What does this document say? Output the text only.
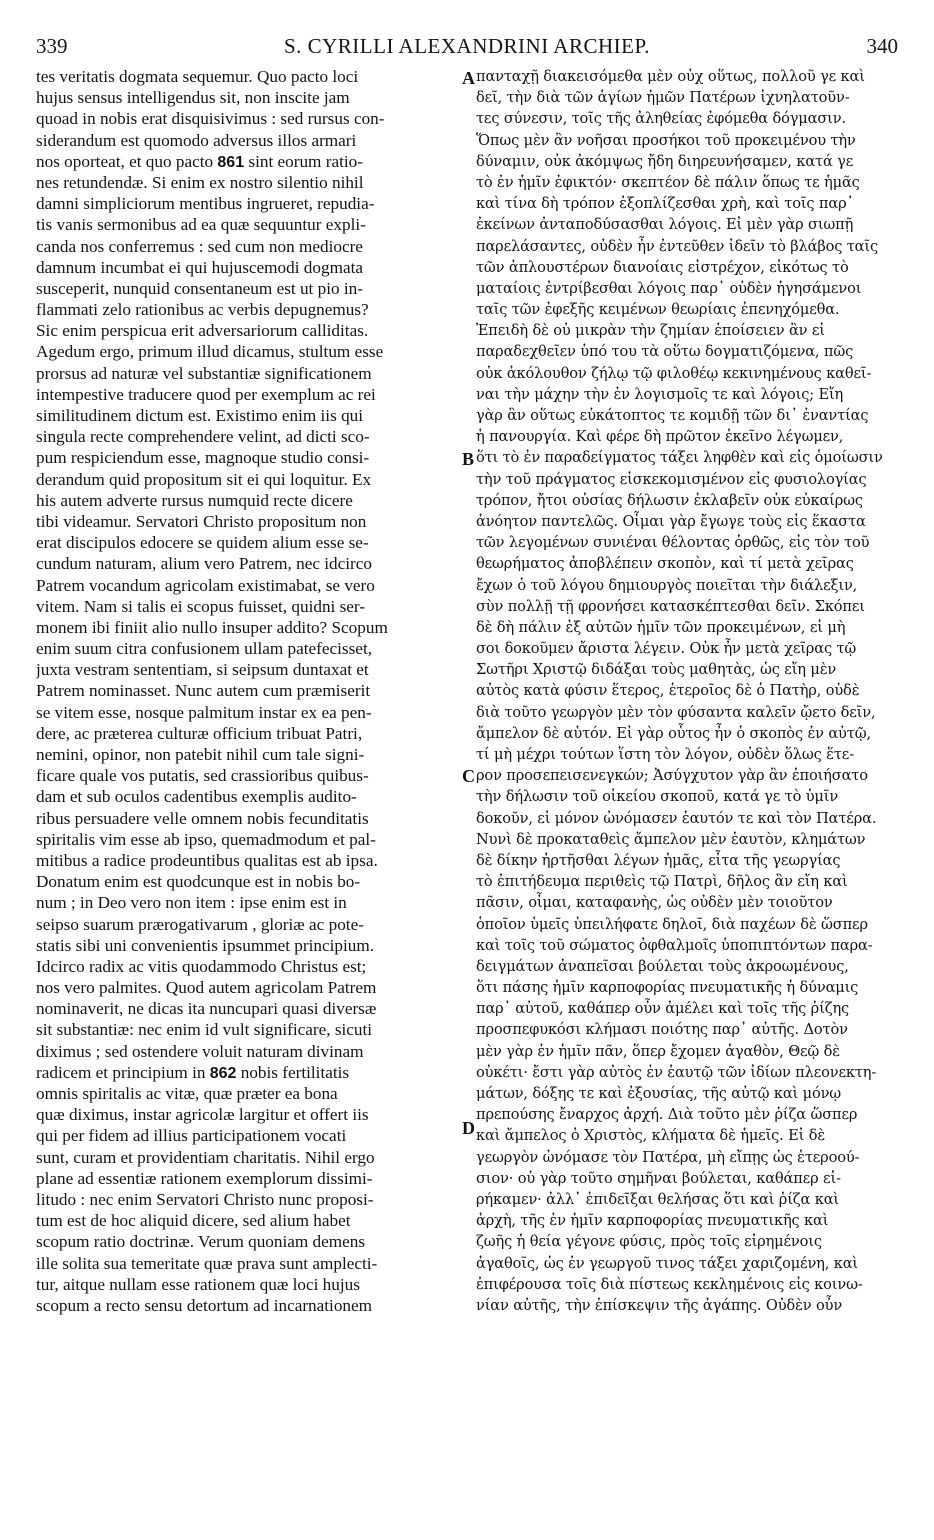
339	S. CYRILLI ALEXANDRINI ARCHIEP.	340
tes veritatis dogmata sequemur. Quo pacto loci
hujus sensus intelligendus sit, non inscite jam
quoad in nobis erat disquisivimus : sed rursus con-
siderandum est quomodo adversus illos armari
nos oporteat, et quo pacto 861 sint eorum ratio-
nes retundendæ. Si enim ex nostro silentio nihil
damni simpliciorum mentibus ingrueret, repudia-
tis vanis sermonibus ad ea quæ sequuntur expli-
canda nos conferremus : sed cum non mediocre
damnum incumbat ei qui hujuscemodi dogmata
susceperit, nunquid consentaneum est ut pio in-
flammati zelo rationibus ac verbis depugnemus?
Sic enim perspicua erit adversariorum calliditas.
Agedum ergo, primum illud dicamus, stultum esse
prorsus ad naturæ vel substantiæ significationem
intempestive traducere quod per exemplum ac rei
similitudinem dictum est. Existimo enim iis qui
singula recte comprehendere velint, ad dicti sco-
pum respiciendum esse, magnoque studio consi-
derandum quid propositum sit ei qui loquitur. Ex
his autem adverte rursus numquid recte dicere
tibi videamur. Servatori Christo propositum non
erat discipulos edocere se quidem alium esse se-
cundum naturam, alium vero Patrem, nec idcirco
Patrem vocandum agricolam existimabat, se vero
vitem. Nam si talis ei scopus fuisset, quidni ser-
monem ibi finiit alio nullo insuper addito? Scopum
enim suum citra confusionem ullam patefecisset,
juxta vestram sententiam, si seipsum duntaxat et
Patrem nominasset. Nunc autem cum præmiserit
se vitem esse, nosque palmitum instar ex ea pen-
dere, ac præterea culturæ officium tribuat Patri,
nemini, opinor, non patebit nihil cum tale signi-
ficare quale vos putatis, sed crassioribus quibus-
dam et sub oculos cadentibus exemplis audito-
ribus persuadere velle omnem nobis fecunditatis
spiritalis vim esse ab ipso, quemadmodum et pal-
mitibus a radice prodeuntibus qualitas est ab ipsa.
Donatum enim est quodcunque est in nobis bo-
num ; in Deo vero non item : ipse enim est in
seipso suarum prærogativarum , gloriæ ac pote-
statis sibi uni convenientis ipsummet principium.
Idcirco radix ac vitis quodammodo Christus est;
nos vero palmites. Quod autem agricolam Patrem
nominaverit, ne dicas ita nuncupari quasi diversæ
sit substantiæ: nec enim id vult significare, sicuti
diximus ; sed ostendere voluit naturam divinam
radicem et principium in 862 nobis fertilitatis
omnis spiritalis ac vitæ, quæ præter ea bona
quæ diximus, instar agricolæ largitur et offert iis
qui per fidem ad illius participationem vocati
sunt, curam et providentiam charitatis. Nihil ergo
plane ad essentiæ rationem exemplorum dissimi-
litudo : nec enim Servatori Christo nunc proposi-
tum est de hoc aliquid dicere, sed alium habet
scopum ratio doctrinæ. Verum quoniam demens
ille solita sua temeritate quæ prava sunt amplecti-
tur, aitque nullam esse rationem quæ loci hujus
scopum a recto sensu detortum ad incarnationem
A
B
C
D
πανταχῇ διακεισόμεθα μὲν οὐχ οὕτως, πολλοῦ γε καὶ
δεῖ, τὴν διὰ τῶν ἁγίων ἡμῶν Πατέρων ἰχνηλατοῦν-
τες σύνεσιν, τοῖς τῆς ἀληθείας ἐφόμεθα δόγμασιν.
Ὅπως μὲν ἂν νοῆσαι προσήκοι τοῦ προκειμένου τὴν
δύναμιν, οὐκ ἀκόμψως ἤδη διηρευνήσαμεν, κατά γε
τὸ ἐν ἡμῖν ἐφικτόν· σκεπτέον δὲ πάλιν ὅπως τε ἡμᾶς
καὶ τίνα δὴ τρόπον ἐξοπλίζεσθαι χρὴ, καὶ τοῖς παρ᾽
ἐκείνων ἀνταποδύσασθαι λόγοις. Εἰ μὲν γὰρ σιωπῇ
παρελάσαντες, οὐδὲν ἦν ἐντεῦθεν ἰδεῖν τὸ βλάβος ταῖς
τῶν ἁπλουστέρων διανοίαις εἰστρέχον, εἰκότως τὸ
ματαίοις ἐντρίβεσθαι λόγοις παρ᾽ οὐδὲν ἡγησάμενοι
ταῖς τῶν ἐφεξῆς κειμένων θεωρίαις ἐπενηχόμεθα.
Ἐπειδὴ δὲ οὐ μικρὰν τὴν ζημίαν ἐποίσειεν ἂν εἰ
παραδεχθεῖεν ὑπό του τὰ οὕτω δογματιζόμενα, πῶς
οὐκ ἀκόλουθον ζήλῳ τῷ φιλοθέῳ κεκινημένους καθεῖ-
ναι τὴν μάχην τὴν ἐν λογισμοῖς τε καὶ λόγοις; Εἴη
γὰρ ἂν οὕτως εὐκάτοπτος τε κομιδῇ τῶν δι᾽ ἐναντίας
ἡ πανουργία. Καὶ φέρε δὴ πρῶτον ἐκεῖνο λέγωμεν,
ὅτι τὸ ἐν παραδείγματος τάξει ληφθὲν καὶ εἰς ὁμοίωσιν
τὴν τοῦ πράγματος εἰσκεκομισμένον εἰς φυσιολογίας
τρόπον, ἤτοι οὐσίας δήλωσιν ἐκλαβεῖν οὐκ εὐκαίρως
ἀνόητον παντελῶς. Οἶμαι γὰρ ἔγωγε τοὺς εἰς ἕκαστα
τῶν λεγομένων συνιέναι θέλοντας ὀρθῶς, εἰς τὸν τοῦ
θεωρήματος ἀποβλέπειν σκοπὸν, καὶ τί μετὰ χεῖρας
ἔχων ὁ τοῦ λόγου δημιουργὸς ποιεῖται τὴν διάλεξιν,
σὺν πολλῇ τῇ φρονήσει κατασκέπτεσθαι δεῖν. Σκόπει
δὲ δὴ πάλιν ἐξ αὐτῶν ἡμῖν τῶν προκειμένων, εἰ μὴ
σοι δοκοῦμεν ἄριστα λέγειν. Οὐκ ἦν μετὰ χεῖρας τῷ
Σωτῆρι Χριστῷ διδάξαι τοὺς μαθητὰς, ὡς εἴη μὲν
αὐτὸς κατὰ φύσιν ἕτερος, ἑτεροῖος δὲ ὁ Πατὴρ, οὐδὲ
διὰ τοῦτο γεωργὸν μὲν τὸν φύσαντα καλεῖν ᾤετο δεῖν,
ἄμπελον δὲ αὑτόν. Εἰ γὰρ οὗτος ἦν ὁ σκοπὸς ἐν αὐτῷ,
τί μὴ μέχρι τούτων ἵστη τὸν λόγον, οὐδὲν ὅλως ἕτε-
ρον προσεπεισενεγκών; Ἀσύγχυτον γὰρ ἂν ἐποιήσατο
τὴν δήλωσιν τοῦ οἰκείου σκοποῦ, κατά γε τὸ ὑμῖν
δοκοῦν, εἰ μόνον ὠνόμασεν ἑαυτόν τε καὶ τὸν Πατέρα.
Νυνὶ δὲ προκαταθεὶς ἄμπελον μὲν ἑαυτὸν, κλημάτων
δὲ δίκην ἠρτῆσθαι λέγων ἡμᾶς, εἶτα τῆς γεωργίας
τὸ ἐπιτήδευμα περιθεὶς τῷ Πατρὶ, δῆλος ἂν εἴη καὶ
πᾶσιν, οἶμαι, καταφανὴς, ὡς οὐδὲν μὲν τοιοῦτον
ὁποῖον ὑμεῖς ὑπειλήφατε δηλοῖ, διὰ παχέων δὲ ὥσπερ
καὶ τοῖς τοῦ σώματος ὀφθαλμοῖς ὑποπιπτόντων παρα-
δειγμάτων ἀναπεῖσαι βούλεται τοὺς ἀκροωμένους,
ὅτι πάσης ἡμῖν καρποφορίας πνευματικῆς ἡ δύναμις
παρ᾽ αὐτοῦ, καθάπερ οὖν ἀμέλει καὶ τοῖς τῆς ῥίζης
προσπεφυκόσι κλήμασι ποιότης παρ᾽ αὐτῆς. Δοτὸν
μὲν γὰρ ἐν ἡμῖν πᾶν, ὅπερ ἔχομεν ἀγαθὸν, Θεῷ δὲ
οὐκέτι· ἔστι γὰρ αὐτὸς ἐν ἑαυτῷ τῶν ἰδίων πλεονεκτη-
μάτων, δόξης τε καὶ ἐξουσίας, τῆς αὐτῷ καὶ μόνῳ
πρεπούσης ἔναρχος ἀρχή. Διὰ τοῦτο μὲν ῥίζα ὥσπερ
καὶ ἄμπελος ὁ Χριστὸς, κλήματα δὲ ἡμεῖς. Εἰ δὲ
γεωργὸν ὠνόμασε τὸν Πατέρα, μὴ εἴπῃς ὡς ἑτεροού-
σιον· οὐ γὰρ τοῦτο σημῆναι βούλεται, καθάπερ εἰ-
ρήκαμεν· ἀλλ᾽ ἐπιδεῖξαι θελήσας ὅτι καὶ ῥίζα καὶ
ἀρχὴ, τῆς ἐν ἡμῖν καρποφορίας πνευματικῆς καὶ
ζωῆς ἡ θεία γέγονε φύσις, πρὸς τοῖς εἰρημένοις
ἀγαθοῖς, ὡς ἐν γεωργοῦ τινος τάξει χαριζομένη, καὶ
ἐπιφέρουσα τοῖς διὰ πίστεως κεκλημένοις εἰς κοινω-
νίαν αὐτῆς, τὴν ἐπίσκεψιν τῆς ἀγάπης. Οὐδὲν οὖν
